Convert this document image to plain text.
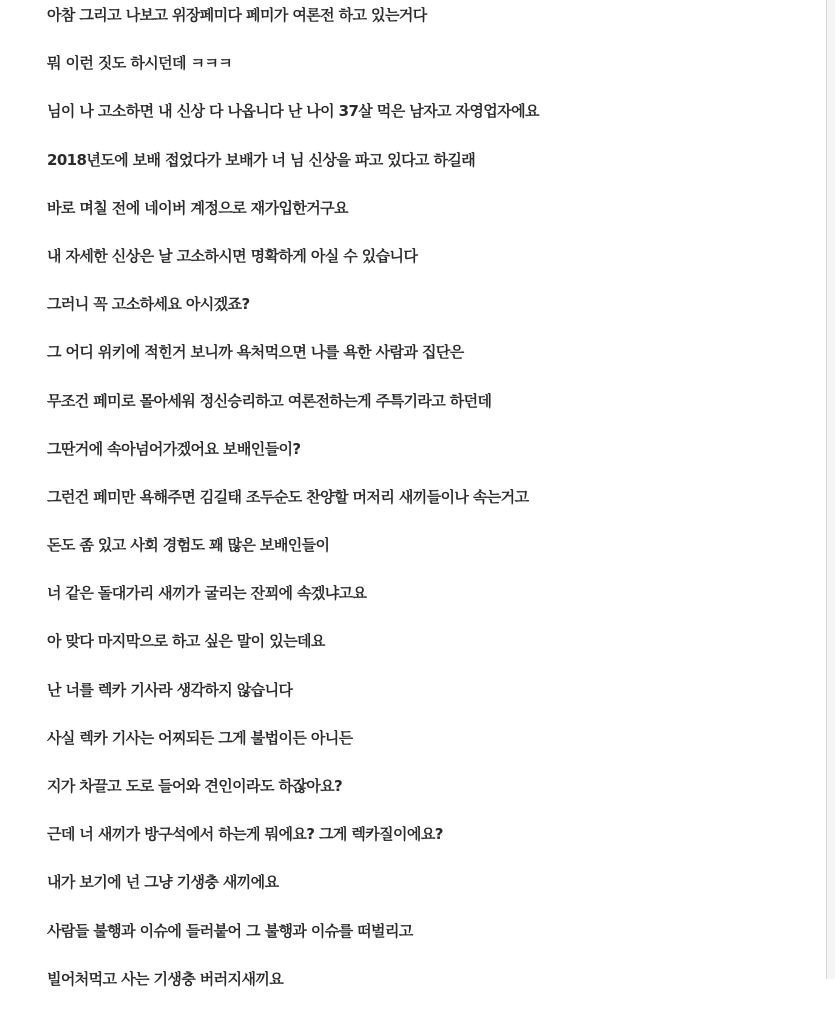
아참 그리고 나보고 위장페미다 페미가 여론전 하고 있는거다
뭐 이런 짓도 하시던데 ㅋㅋㅋ
님이 나 고소하면 내 신상 다 나옵니다 난 나이 37살 먹은 남자고 자영업자에요
2018년도에 보배 접었다가 보배가 너 님 신상을 파고 있다고 하길래
바로 며칠 전에 네이버 계정으로 재가입한거구요
내 자세한 신상은 날 고소하시면 명확하게 아실 수 있습니다
그러니 꼭 고소하세요 아시겠죠?
그 어디 위키에 적힌거 보니까 욕처먹으면 나를 욕한 사람과 집단은
무조건 페미로 몰아세워 정신승리하고 여론전하는게 주특기라고 하던데
그딴거에 속아넘어가겠어요 보배인들이?
그런건 페미만 욕해주면 김길태 조두순도 찬양할 머저리 새끼들이나 속는거고
돈도 좀 있고 사회 경험도 꽤 많은 보배인들이
너 같은 돌대가리 새끼가 굴리는 잔꾀에 속겠냐고요
아 맞다 마지막으로 하고 싶은 말이 있는데요
난 너를 렉카 기사라 생각하지 않습니다
사실 렉카 기사는 어찌되든 그게 불법이든 아니든
지가 차끌고 도로 들어와 견인이라도 하잖아요?
근데 너 새끼가 방구석에서 하는게 뭐에요? 그게 렉카질이에요?
내가 보기에 넌 그냥 기생충 새끼에요
사람들 불행과 이슈에 들러붙어 그 불행과 이슈를 떠벌리고
빌어처먹고 사는 기생충 버러지새끼요
